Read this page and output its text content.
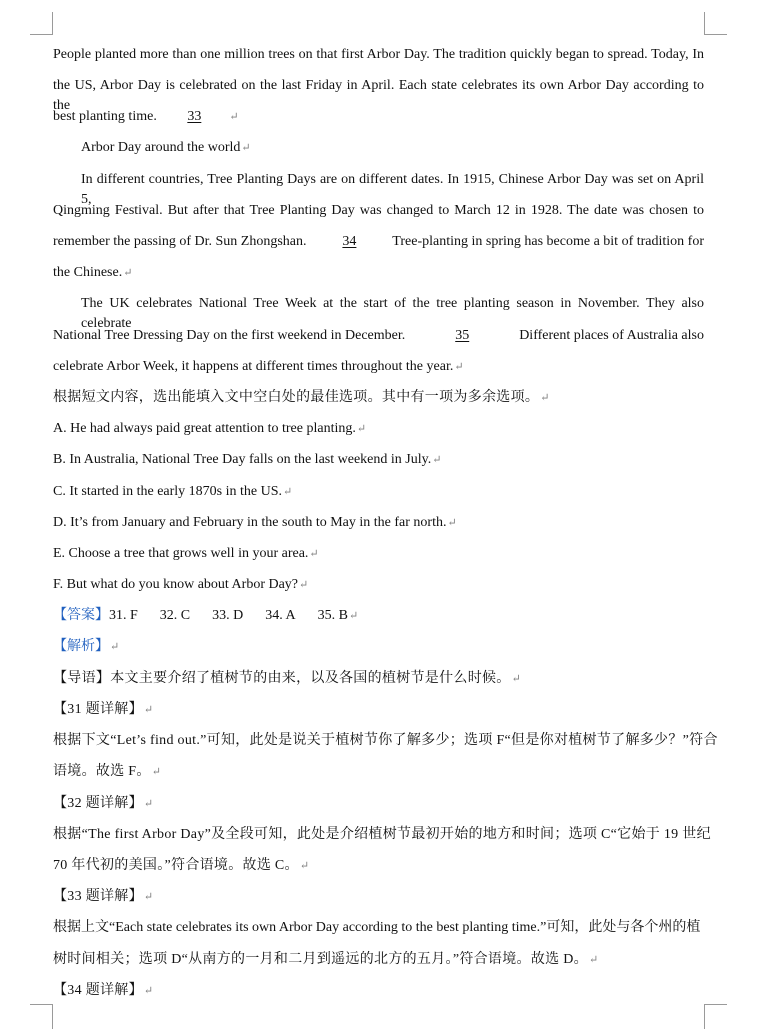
People planted more than one million trees on that first Arbor Day. The tradition quickly began to spread. Today, In
the US, Arbor Day is celebrated on the last Friday in April. Each state celebrates its own Arbor Day according to the
best planting time. 33	↵
Arbor Day around the world↵
In different countries, Tree Planting Days are on different dates. In 1915, Chinese Arbor Day was set on April 5,
Qingming Festival. But after that Tree Planting Day was changed to March 12 in 1928. The date was chosen to
remember the passing of Dr. Sun Zhongshan.	34	Tree-planting in spring has become a bit of tradition for
the Chinese.↵
The UK celebrates National Tree Week at the start of the tree planting season in November. They also celebrate
National Tree Dressing Day on the first weekend in December.	35	Different places of Australia also
celebrate Arbor Week, it happens at different times throughout the year.↵
根据短文内容，选出能填入文中空白处的最佳选项。其中有一项为多余选项。↵
A. He had always paid great attention to tree planting.↵
B. In Australia, National Tree Day falls on the last weekend in July.↵
C. It started in the early 1870s in the US.↵
D. It’s from January and February in the south to May in the far north.↵
E. Choose a tree that grows well in your area.↵
F. But what do you know about Arbor Day?↵
【答案】31. F 32. C 33. D 34. A 35. B↵
【解析】↵
【导语】本文主要介绍了植树节的由来，以及各国的植树节是什么时候。↵
【31 题详解】↵
根据下文“Let’s find out.”可知，此处是说关于植树节你了解多少；选项 F“但是你对植树节了解多少？”符合
语境。故选 F。↵
【32 题详解】↵
根据“The first Arbor Day”及全段可知，此处是介绍植树节最初开始的地方和时间；选项 C“它始于 19 世纪
70 年代初的美国。”符合语境。故选 C。↵
【33 题详解】↵
根据上文“Each state celebrates its own Arbor Day according to the best planting time.”可知，此处与各个州的植
树时间相关；选项 D“从南方的一月和二月到遥远的北方的五月。”符合语境。故选 D。↵
【34 题详解】↵
